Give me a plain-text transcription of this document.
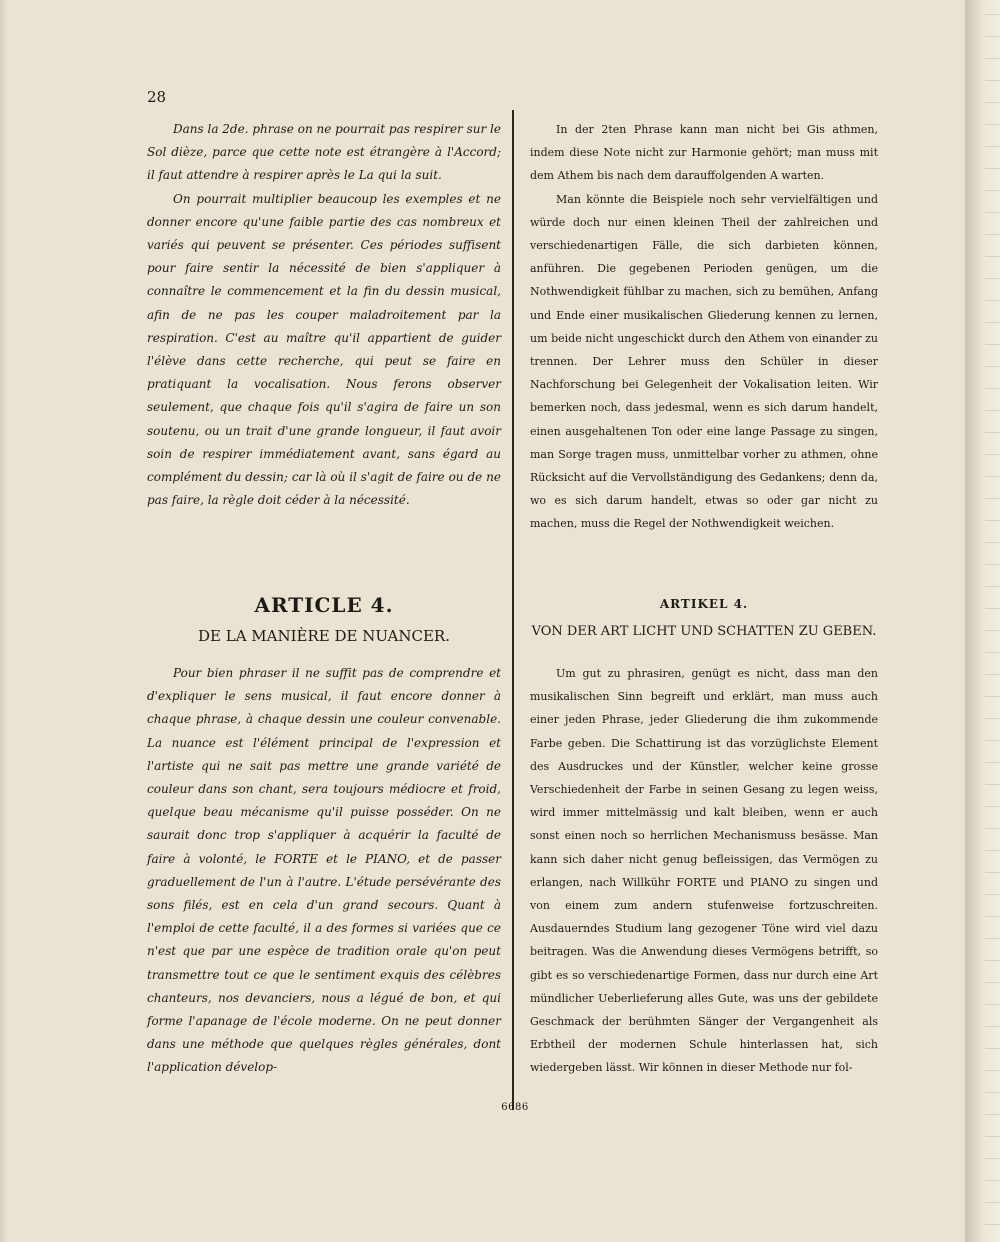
28

Dans la 2de. phrase on ne pourrait pas respirer sur le Sol dièze, parce que cette note est étrangère à l'Accord; il faut attendre à respirer après le La qui la suit.

On pourrait multiplier beaucoup les exemples et ne donner encore qu'une faible partie des cas nombreux et variés qui peuvent se présenter. Ces périodes suffisent pour faire sentir la nécessité de bien s'appliquer à connaître le commencement et la fin du dessin musical, afin de ne pas les couper maladroitement par la respiration. C'est au maître qu'il appartient de guider l'élève dans cette recherche, qui peut se faire en pratiquant la vocalisation. Nous ferons observer seulement, que chaque fois qu'il s'agira de faire un son soutenu, ou un trait d'une grande longueur, il faut avoir soin de respirer immédiatement avant, sans égard au complément du dessin; car là où il s'agit de faire ou de ne pas faire, la règle doit céder à la nécessité.

ARTICLE 4.
DE LA MANIÈRE DE NUANCER.

Pour bien phraser il ne suffit pas de comprendre et d'expliquer le sens musical, il faut encore donner à chaque phrase, à chaque dessin une couleur convenable. La nuance est l'élément principal de l'expression et l'artiste qui ne sait pas mettre une grande variété de couleur dans son chant, sera toujours médiocre et froid, quelque beau mécanisme qu'il puisse posséder. On ne saurait donc trop s'appliquer à acquérir la faculté de faire à volonté, le FORTE et le PIANO, et de passer graduellement de l'un à l'autre. L'étude persévérante des sons filés, est en cela d'un grand secours. Quant à l'emploi de cette faculté, il a des formes si variées que ce n'est que par une espèce de tradition orale qu'on peut transmettre tout ce que le sentiment exquis des célèbres chanteurs, nos devanciers, nous a légué de bon, et qui forme l'apanage de l'école moderne. On ne peut donner dans une méthode que quelques règles générales, dont l'application dévelop-

In der 2ten Phrase kann man nicht bei Gis athmen, indem diese Note nicht zur Harmonie gehört; man muss mit dem Athem bis nach dem darauffolgenden A warten.

Man könnte die Beispiele noch sehr vervielfältigen und würde doch nur einen kleinen Theil der zahlreichen und verschiedenartigen Fälle, die sich darbieten können, anführen. Die gegebenen Perioden genügen, um die Nothwendigkeit fühlbar zu machen, sich zu bemühen, Anfang und Ende einer musikalischen Gliederung kennen zu lernen, um beide nicht ungeschickt durch den Athem von einander zu trennen. Der Lehrer muss den Schüler in dieser Nachforschung bei Gelegenheit der Vokalisation leiten. Wir bemerken noch, dass jedesmal, wenn es sich darum handelt, einen ausgehaltenen Ton oder eine lange Passage zu singen, man Sorge tragen muss, unmittelbar vorher zu athmen, ohne Rücksicht auf die Vervollständigung des Gedankens; denn da, wo es sich darum handelt, etwas so oder gar nicht zu machen, muss die Regel der Nothwendigkeit weichen.

ARTIKEL 4.
VON DER ART LICHT UND SCHATTEN ZU GEBEN.

Um gut zu phrasiren, genügt es nicht, dass man den musikalischen Sinn begreift und erklärt, man muss auch einer jeden Phrase, jeder Gliederung die ihm zukommende Farbe geben. Die Schattirung ist das vorzüglichste Element des Ausdruckes und der Künstler, welcher keine grosse Verschiedenheit der Farbe in seinen Gesang zu legen weiss, wird immer mittelmässig und kalt bleiben, wenn er auch sonst einen noch so herrlichen Mechanismuss besässe. Man kann sich daher nicht genug befleissigen, das Vermögen zu erlangen, nach Willkühr FORTE und PIANO zu singen und von einem zum andern stufenweise fortzuschreiten. Ausdauerndes Studium lang gezogener Töne wird viel dazu beitragen. Was die Anwendung dieses Vermögens betrifft, so gibt es so verschiedenartige Formen, dass nur durch eine Art mündlicher Ueberlieferung alles Gute, was uns der gebildete Geschmack der berühmten Sänger der Vergangenheit als Erbtheil der modernen Schule hinterlassen hat, sich wiedergeben lässt. Wir können in dieser Methode nur fol-

6686
